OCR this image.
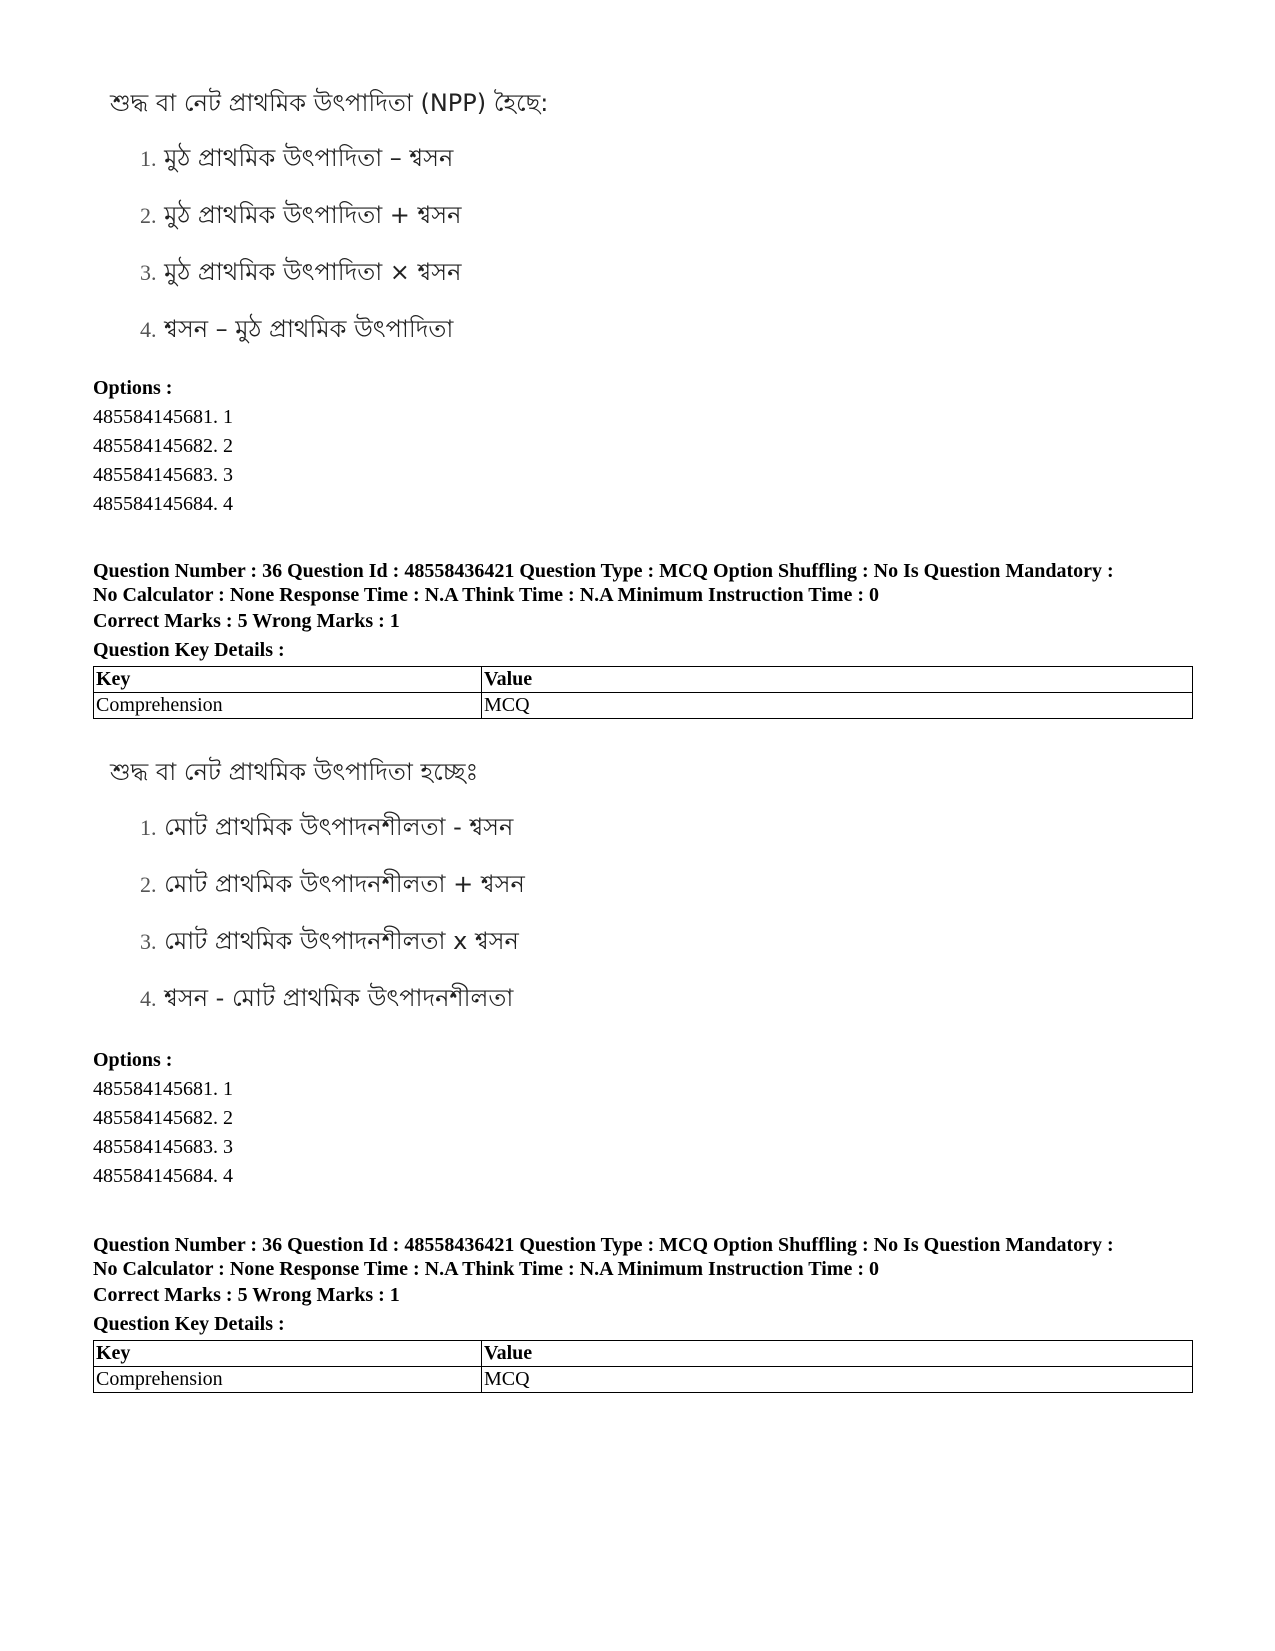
শুদ্ধ বা নেট প্রাথমিক উৎপাদিতা (NPP) হৈছে:
1. মুঠ প্ৰাথমিক উৎপাদিতা – শ্বসন
2. মুঠ প্ৰাথমিক উৎপাদিতা + শ্বসন
3. মুঠ প্ৰাথমিক উৎপাদিতা × শ্বসন
4. শ্বসন – মুঠ প্ৰাথমিক উৎপাদিতা
Options :
485584145681. 1
485584145682. 2
485584145683. 3
485584145684. 4
Question Number : 36 Question Id : 48558436421 Question Type : MCQ Option Shuffling : No Is Question Mandatory :
No Calculator : None Response Time : N.A Think Time : N.A Minimum Instruction Time : 0
Correct Marks : 5 Wrong Marks : 1
Question Key Details :
Key	Value
Comprehension	MCQ
শুদ্ধ বা নেট প্রাথমিক উৎপাদিতা হচ্ছেঃ
1. মোট প্রাথমিক উৎপাদনশীলতা - শ্বসন
2. মোট প্রাথমিক উৎপাদনশীলতা + শ্বসন
3. মোট প্রাথমিক উৎপাদনশীলতা x শ্বসন
4. শ্বসন - মোট প্রাথমিক উৎপাদনশীলতা
Options :
485584145681. 1
485584145682. 2
485584145683. 3
485584145684. 4
Question Number : 36 Question Id : 48558436421 Question Type : MCQ Option Shuffling : No Is Question Mandatory :
No Calculator : None Response Time : N.A Think Time : N.A Minimum Instruction Time : 0
Correct Marks : 5 Wrong Marks : 1
Question Key Details :
Key	Value
Comprehension	MCQ
